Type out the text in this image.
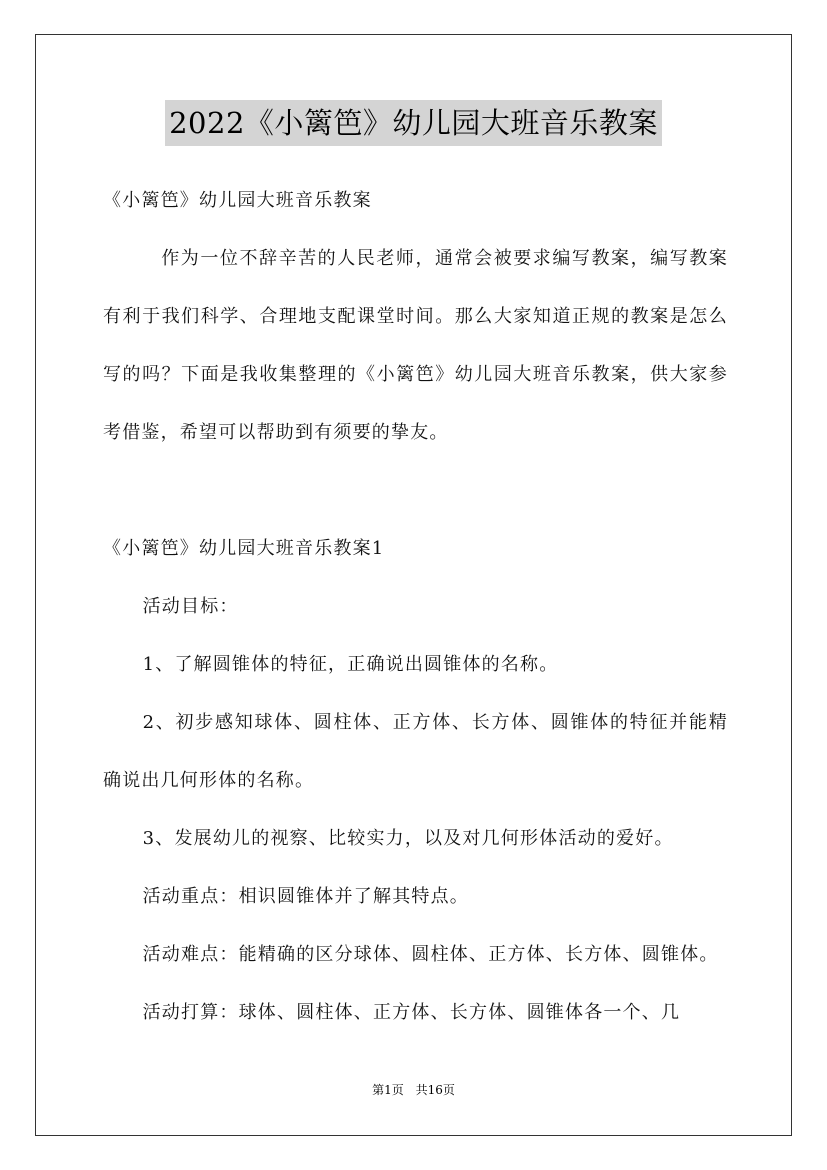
2022《小篱笆》幼儿园大班音乐教案

《小篱笆》幼儿园大班音乐教案

作为一位不辞辛苦的人民老师，通常会被要求编写教案，编写教案有利于我们科学、合理地支配课堂时间。那么大家知道正规的教案是怎么写的吗？下面是我收集整理的《小篱笆》幼儿园大班音乐教案，供大家参考借鉴，希望可以帮助到有须要的挚友。

《小篱笆》幼儿园大班音乐教案1

活动目标：

1、了解圆锥体的特征，正确说出圆锥体的名称。

2、初步感知球体、圆柱体、正方体、长方体、圆锥体的特征并能精确说出几何形体的名称。

3、发展幼儿的视察、比较实力，以及对几何形体活动的爱好。

活动重点：相识圆锥体并了解其特点。

活动难点：能精确的区分球体、圆柱体、正方体、长方体、圆锥体。

活动打算：球体、圆柱体、正方体、长方体、圆锥体各一个、几

第1页 共16页
